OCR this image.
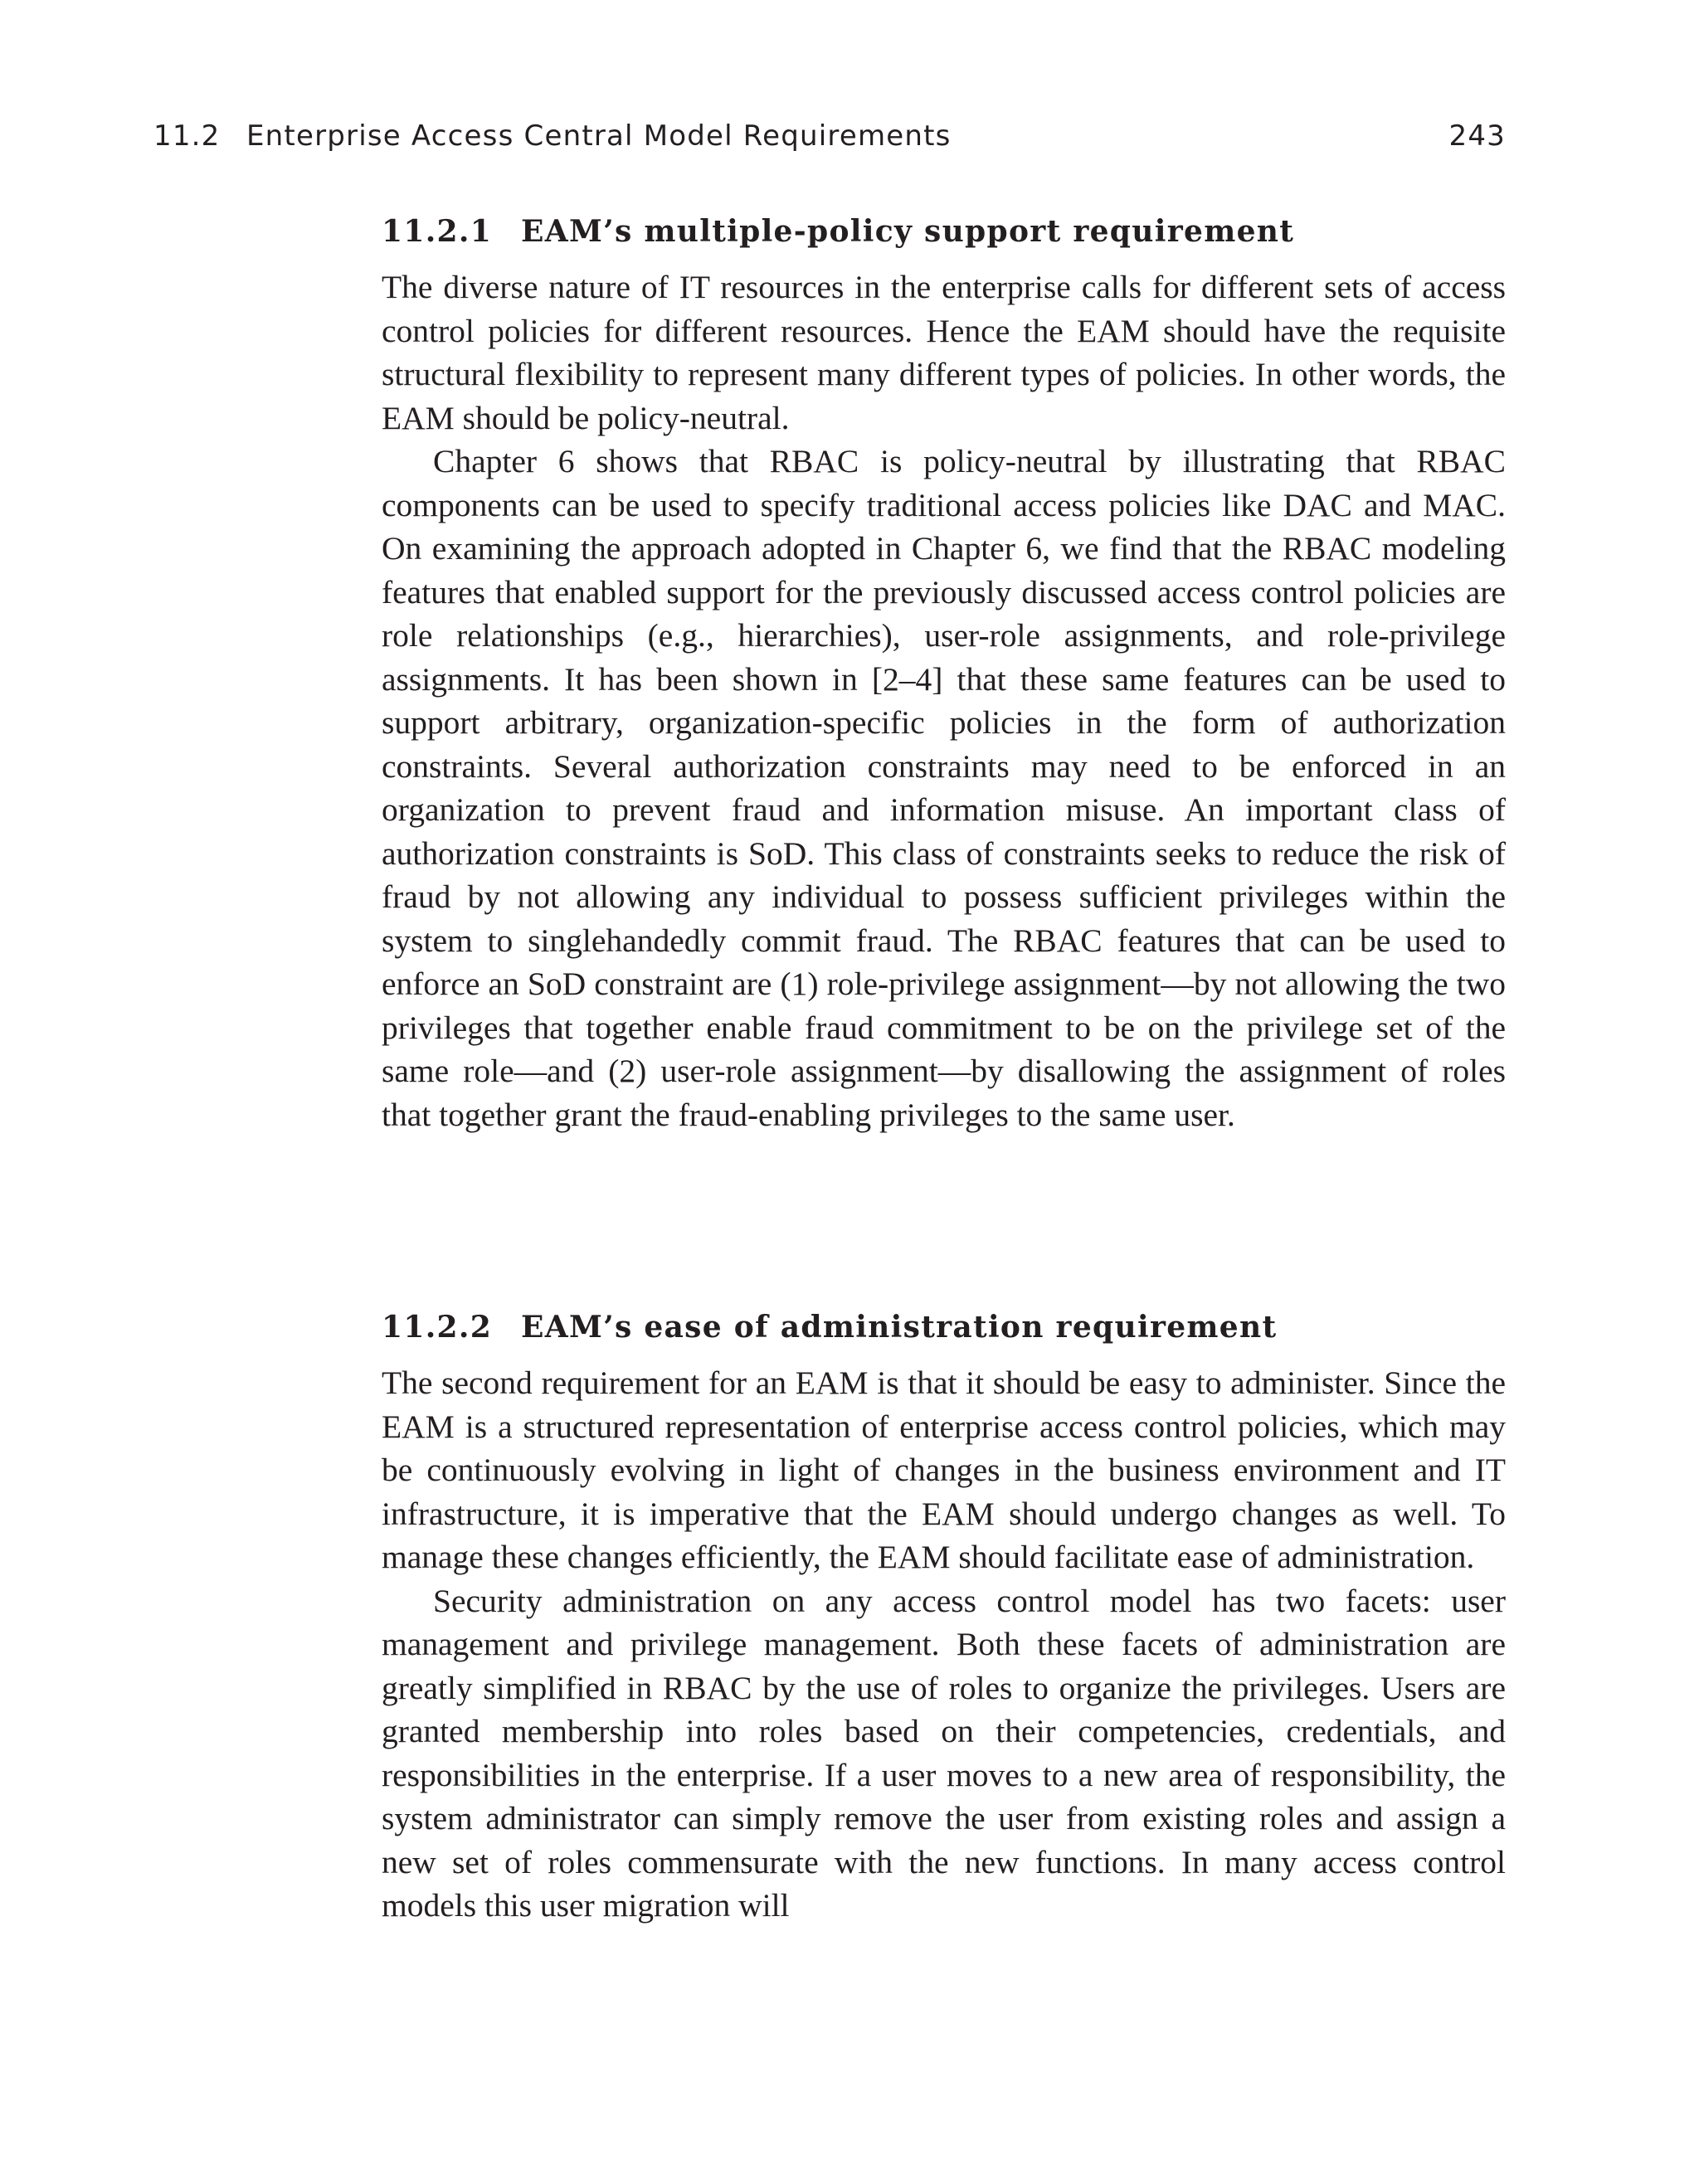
11.2 Enterprise Access Central Model Requirements	243
11.2.1 EAM’s multiple-policy support requirement

The diverse nature of IT resources in the enterprise calls for different sets of access control policies for different resources. Hence the EAM should have the requisite structural flexibility to represent many different types of policies. In other words, the EAM should be policy-neutral.

Chapter 6 shows that RBAC is policy-neutral by illustrating that RBAC components can be used to specify traditional access policies like DAC and MAC. On examining the approach adopted in Chapter 6, we find that the RBAC modeling features that enabled support for the previously discussed access control policies are role relationships (e.g., hierarchies), user-role assignments, and role-privilege assignments. It has been shown in [2–4] that these same features can be used to support arbitrary, organization-specific policies in the form of authorization constraints. Several authorization constraints may need to be enforced in an organization to prevent fraud and information misuse. An important class of authorization constraints is SoD. This class of constraints seeks to reduce the risk of fraud by not allowing any individual to possess sufficient privileges within the system to singlehandedly commit fraud. The RBAC features that can be used to enforce an SoD constraint are (1) role-privilege assignment—by not allowing the two privileges that together enable fraud commitment to be on the privilege set of the same role—and (2) user-role assignment—by disallowing the assignment of roles that together grant the fraud-enabling privileges to the same user.

11.2.2 EAM’s ease of administration requirement

The second requirement for an EAM is that it should be easy to administer. Since the EAM is a structured representation of enterprise access control policies, which may be continuously evolving in light of changes in the business environment and IT infrastructure, it is imperative that the EAM should undergo changes as well. To manage these changes efficiently, the EAM should facilitate ease of administration.

Security administration on any access control model has two facets: user management and privilege management. Both these facets of administration are greatly simplified in RBAC by the use of roles to organize the privileges. Users are granted membership into roles based on their competencies, credentials, and responsibilities in the enterprise. If a user moves to a new area of responsibility, the system administrator can simply remove the user from existing roles and assign a new set of roles commensurate with the new functions. In many access control models this user migration will
